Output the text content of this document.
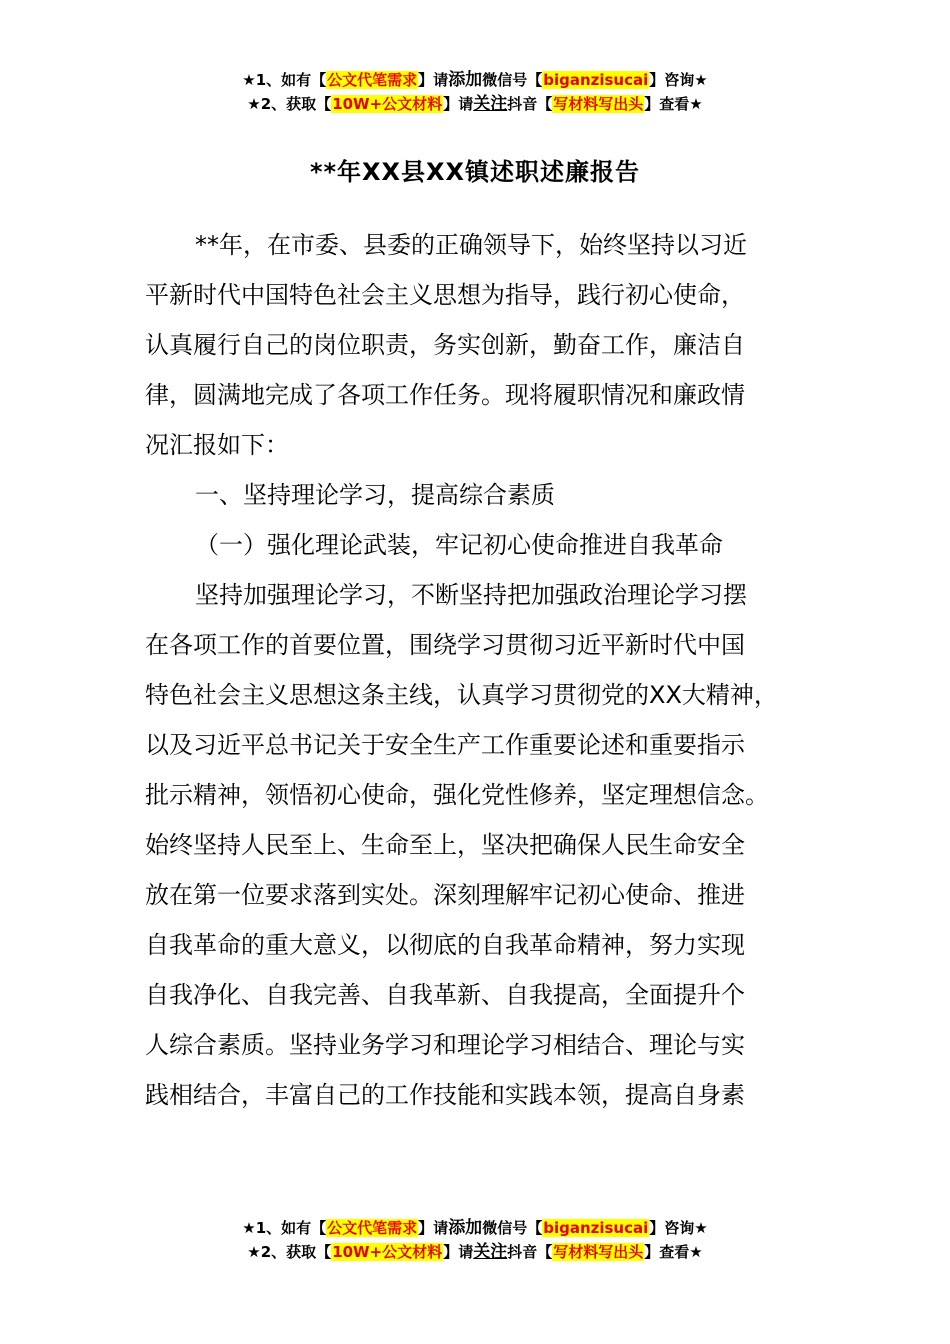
★1、如有【公文代笔需求】请添加微信号【biganzisucai】咨询★
★2、获取【10W+公文材料】请关注抖音【写材料写出头】查看★
**年XX县XX镇述职述廉报告

**年，在市委、县委的正确领导下，始终坚持以习近

平新时代中国特色社会主义思想为指导，践行初心使命，

认真履行自己的岗位职责，务实创新，勤奋工作，廉洁自

律，圆满地完成了各项工作任务。现将履职情况和廉政情

况汇报如下：

一、坚持理论学习，提高综合素质

（一）强化理论武装，牢记初心使命推进自我革命

坚持加强理论学习，不断坚持把加强政治理论学习摆

在各项工作的首要位置，围绕学习贯彻习近平新时代中国

特色社会主义思想这条主线，认真学习贯彻党的XX大精神，

以及习近平总书记关于安全生产工作重要论述和重要指示

批示精神，领悟初心使命，强化党性修养，坚定理想信念。

始终坚持人民至上、生命至上，坚决把确保人民生命安全

放在第一位要求落到实处。深刻理解牢记初心使命、推进

自我革命的重大意义，以彻底的自我革命精神，努力实现

自我净化、自我完善、自我革新、自我提高，全面提升个

人综合素质。坚持业务学习和理论学习相结合、理论与实

践相结合，丰富自己的工作技能和实践本领，提高自身素

★1、如有【公文代笔需求】请添加微信号【biganzisucai】咨询★
★2、获取【10W+公文材料】请关注抖音【写材料写出头】查看★
